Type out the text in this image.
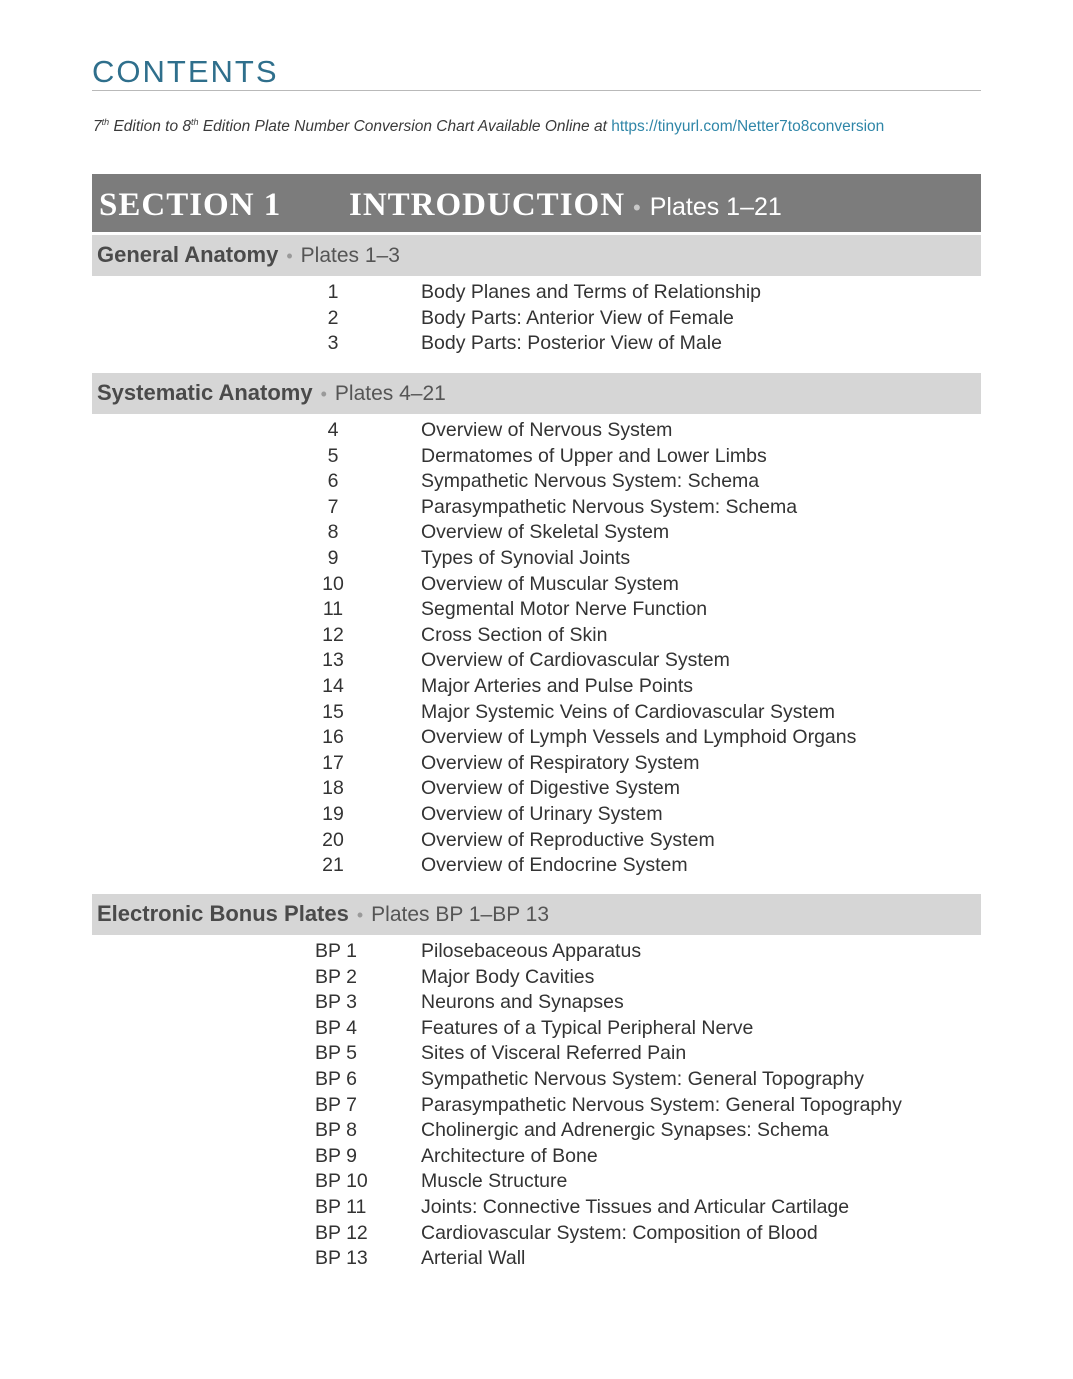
CONTENTS
7th Edition to 8th Edition Plate Number Conversion Chart Available Online at https://tinyurl.com/Netter7to8conversion
SECTION 1 INTRODUCTION • Plates 1–21
General Anatomy • Plates 1–3
1	Body Planes and Terms of Relationship
2	Body Parts: Anterior View of Female
3	Body Parts: Posterior View of Male
Systematic Anatomy • Plates 4–21
4	Overview of Nervous System
5	Dermatomes of Upper and Lower Limbs
6	Sympathetic Nervous System: Schema
7	Parasympathetic Nervous System: Schema
8	Overview of Skeletal System
9	Types of Synovial Joints
10	Overview of Muscular System
11	Segmental Motor Nerve Function
12	Cross Section of Skin
13	Overview of Cardiovascular System
14	Major Arteries and Pulse Points
15	Major Systemic Veins of Cardiovascular System
16	Overview of Lymph Vessels and Lymphoid Organs
17	Overview of Respiratory System
18	Overview of Digestive System
19	Overview of Urinary System
20	Overview of Reproductive System
21	Overview of Endocrine System
Electronic Bonus Plates • Plates BP 1–BP 13
BP 1	Pilosebaceous Apparatus
BP 2	Major Body Cavities
BP 3	Neurons and Synapses
BP 4	Features of a Typical Peripheral Nerve
BP 5	Sites of Visceral Referred Pain
BP 6	Sympathetic Nervous System: General Topography
BP 7	Parasympathetic Nervous System: General Topography
BP 8	Cholinergic and Adrenergic Synapses: Schema
BP 9	Architecture of Bone
BP 10	Muscle Structure
BP 11	Joints: Connective Tissues and Articular Cartilage
BP 12	Cardiovascular System: Composition of Blood
BP 13	Arterial Wall
